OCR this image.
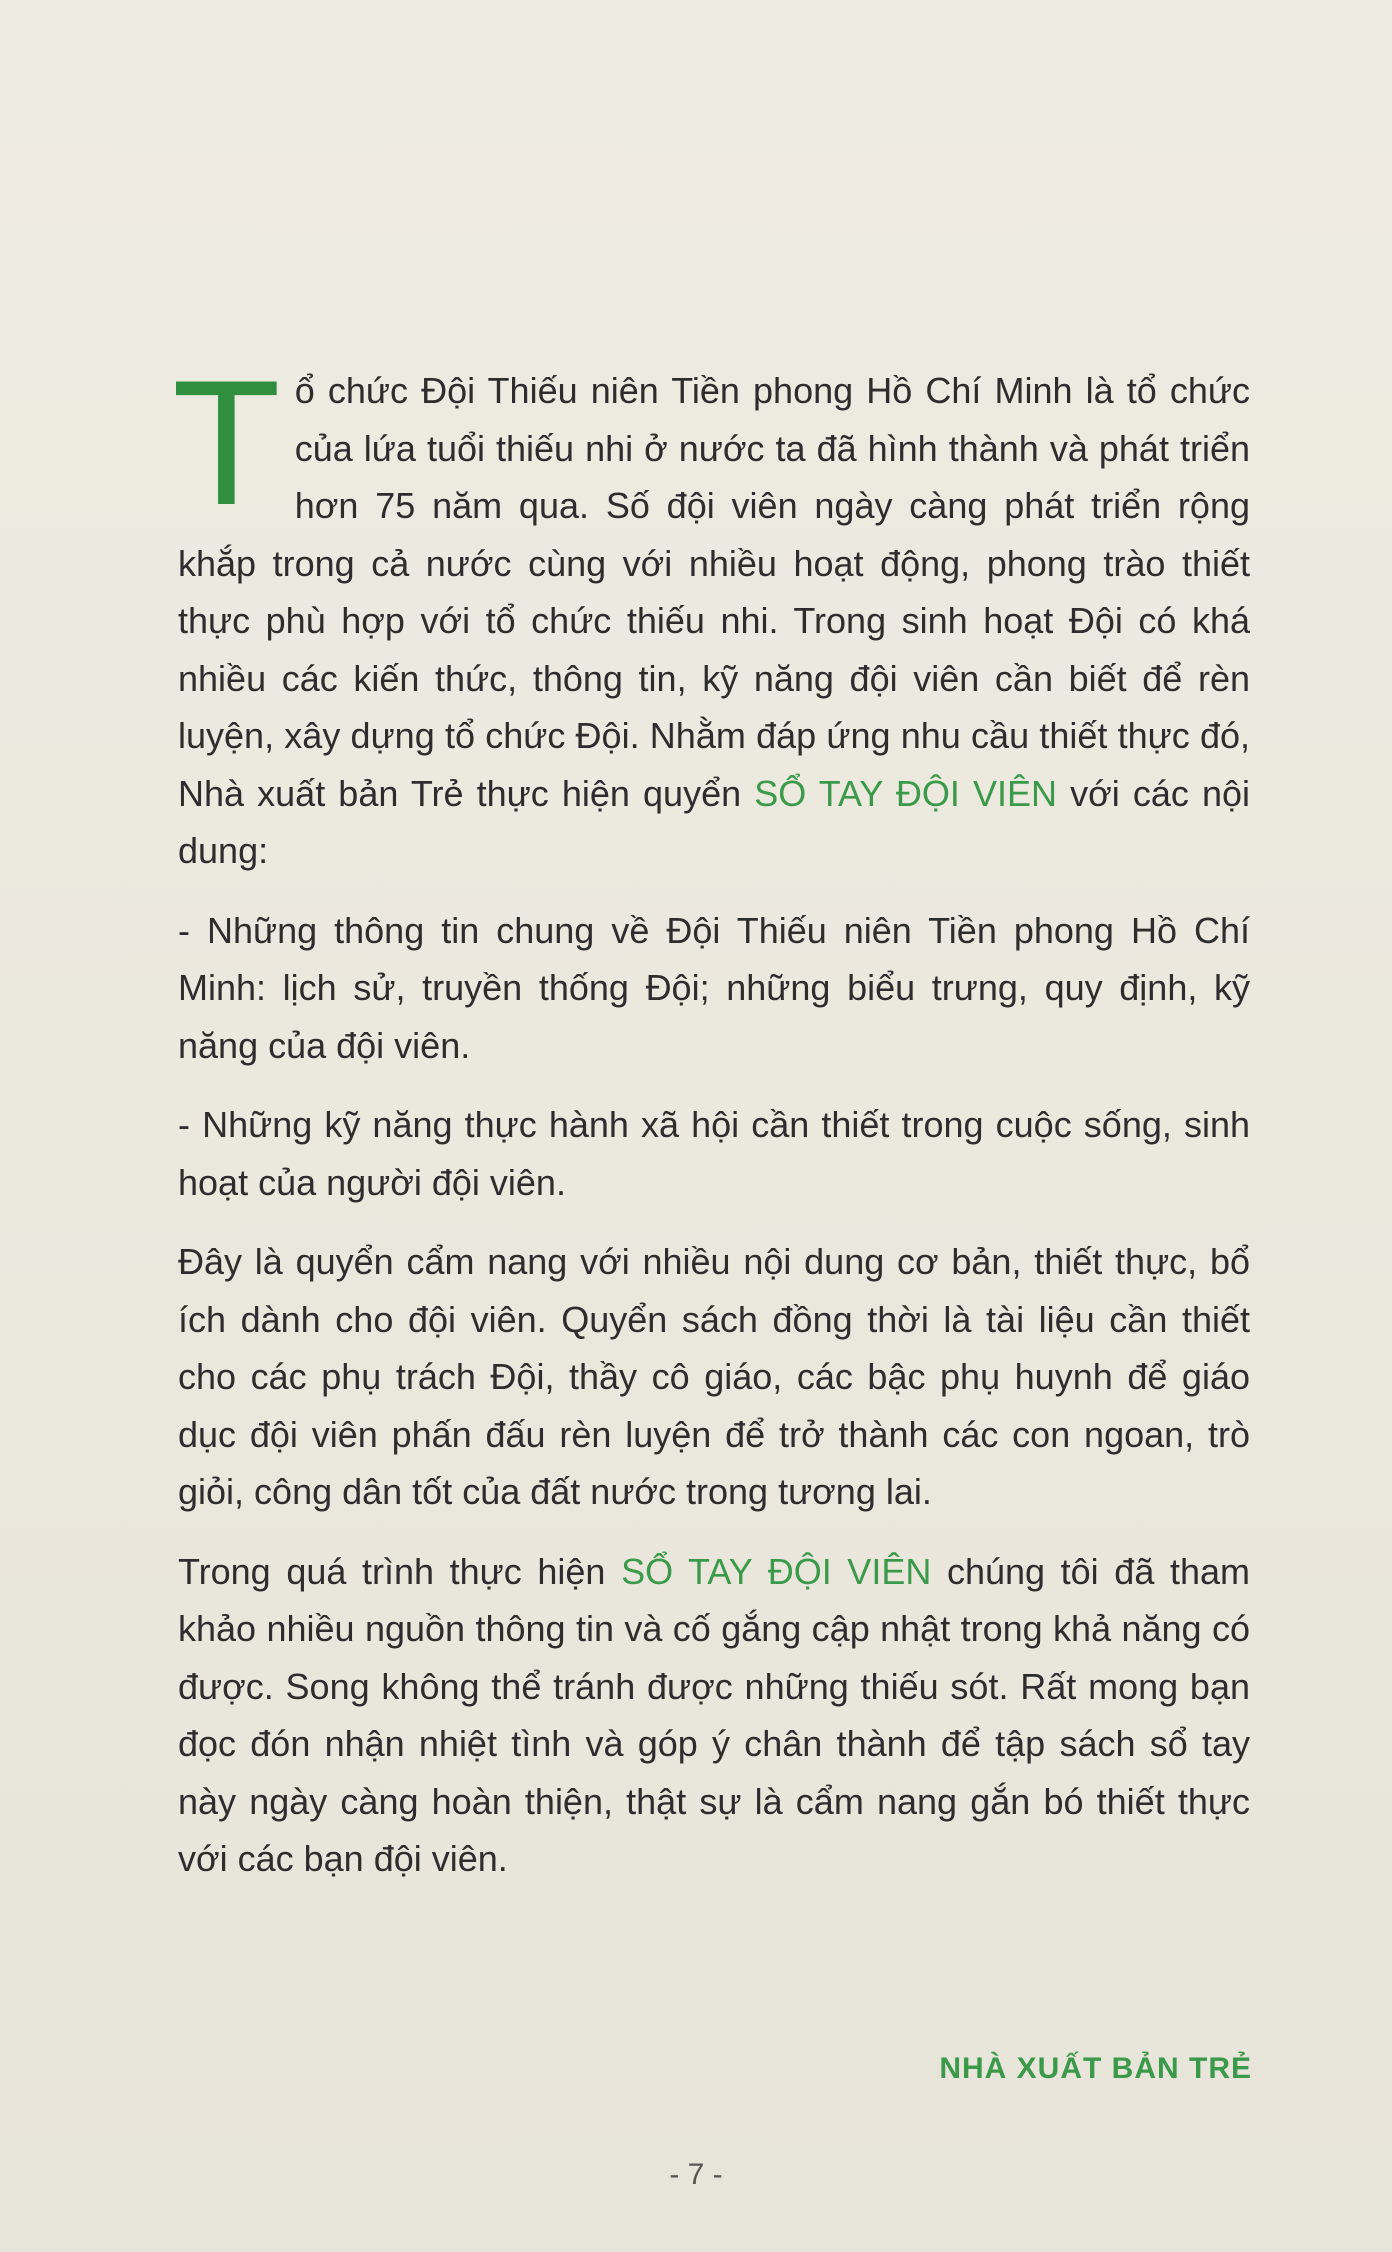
Tổ chức Đội Thiếu niên Tiền phong Hồ Chí Minh là tổ chức của lứa tuổi thiếu nhi ở nước ta đã hình thành và phát triển hơn 75 năm qua. Số đội viên ngày càng phát triển rộng khắp trong cả nước cùng với nhiều hoạt động, phong trào thiết thực phù hợp với tổ chức thiếu nhi. Trong sinh hoạt Đội có khá nhiều các kiến thức, thông tin, kỹ năng đội viên cần biết để rèn luyện, xây dựng tổ chức Đội. Nhằm đáp ứng nhu cầu thiết thực đó, Nhà xuất bản Trẻ thực hiện quyển SỔ TAY ĐỘI VIÊN với các nội dung:

- Những thông tin chung về Đội Thiếu niên Tiền phong Hồ Chí Minh: lịch sử, truyền thống Đội; những biểu trưng, quy định, kỹ năng của đội viên.

- Những kỹ năng thực hành xã hội cần thiết trong cuộc sống, sinh hoạt của người đội viên.

Đây là quyển cẩm nang với nhiều nội dung cơ bản, thiết thực, bổ ích dành cho đội viên. Quyển sách đồng thời là tài liệu cần thiết cho các phụ trách Đội, thầy cô giáo, các bậc phụ huynh để giáo dục đội viên phấn đấu rèn luyện để trở thành các con ngoan, trò giỏi, công dân tốt của đất nước trong tương lai.

Trong quá trình thực hiện SỔ TAY ĐỘI VIÊN chúng tôi đã tham khảo nhiều nguồn thông tin và cố gắng cập nhật trong khả năng có được. Song không thể tránh được những thiếu sót. Rất mong bạn đọc đón nhận nhiệt tình và góp ý chân thành để tập sách sổ tay này ngày càng hoàn thiện, thật sự là cẩm nang gắn bó thiết thực với các bạn đội viên.

NHÀ XUẤT BẢN TRẺ
- 7 -
